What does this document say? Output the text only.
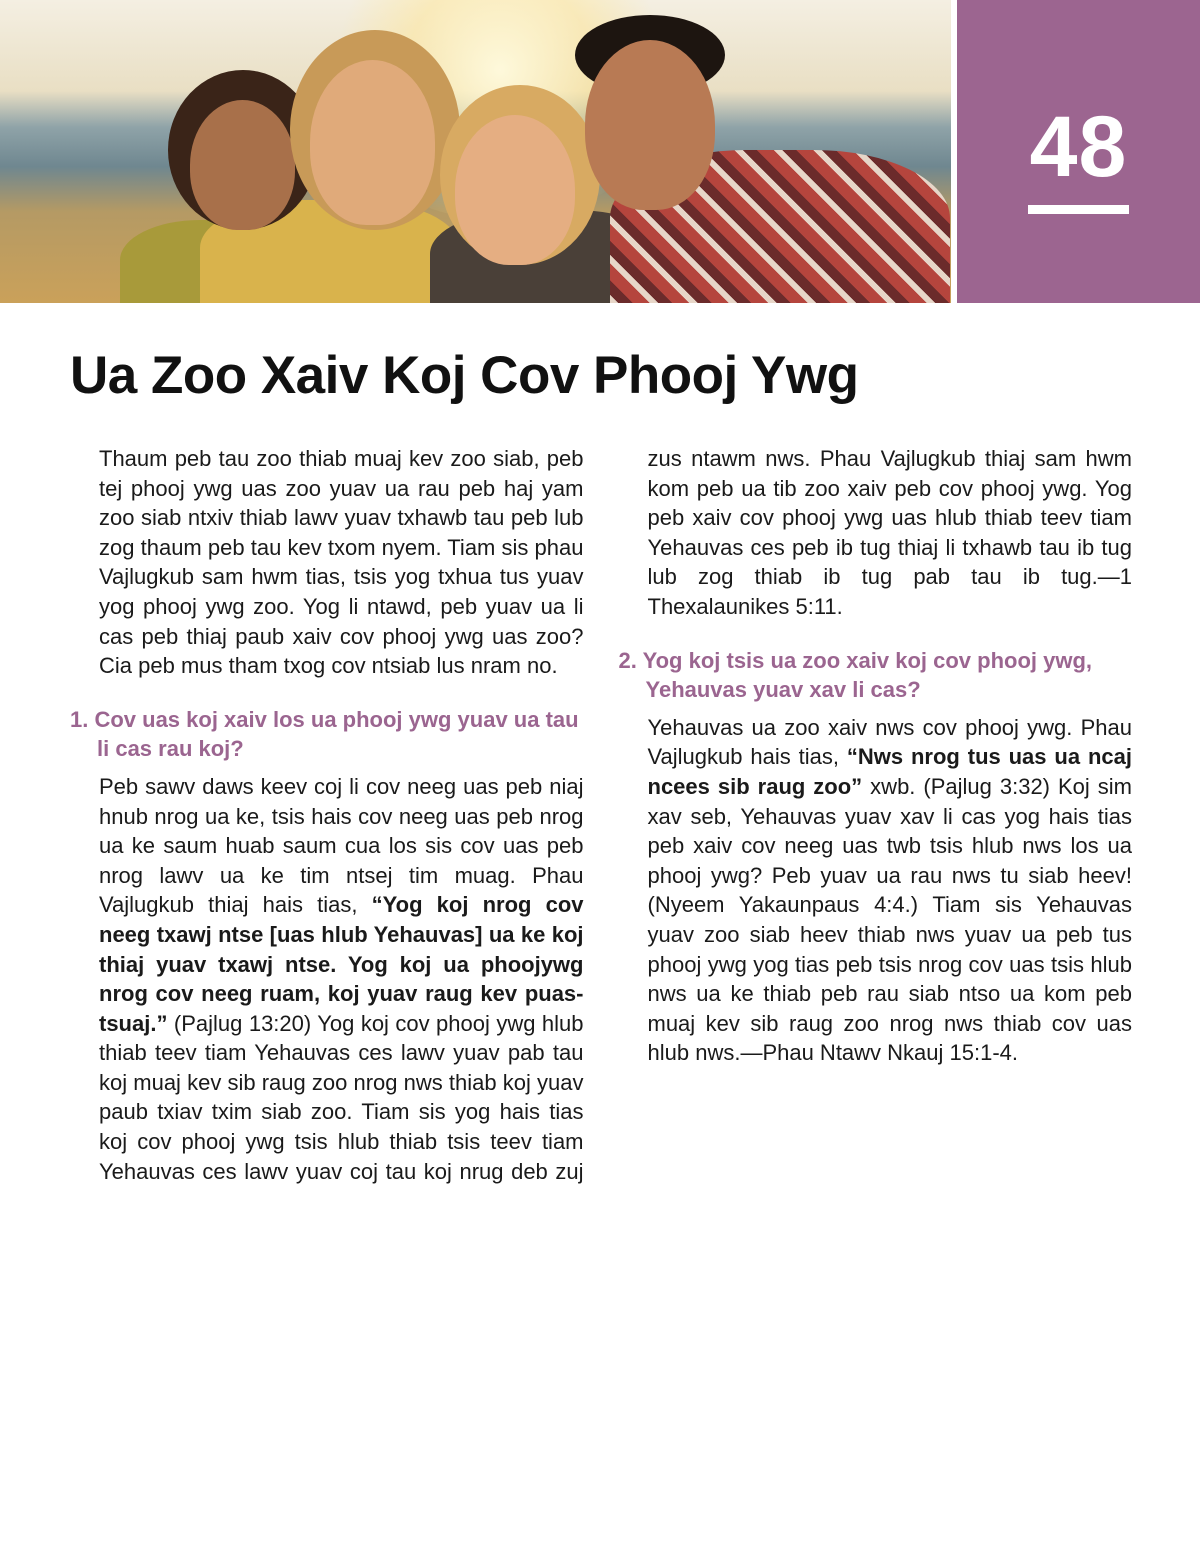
48
Ua Zoo Xaiv Koj Cov Phooj Ywg

Thaum peb tau zoo thiab muaj kev zoo siab, peb tej phooj ywg uas zoo yuav ua rau peb haj yam zoo siab ntxiv thiab lawv yuav txhawb tau peb lub zog thaum peb tau kev txom nyem. Tiam sis phau Vajlugkub sam hwm tias, tsis yog txhua tus yuav yog phooj ywg zoo. Yog li ntawd, peb yuav ua li cas peb thiaj paub xaiv cov phooj ywg uas zoo? Cia peb mus tham txog cov ntsiab lus nram no.

1. Cov uas koj xaiv los ua phooj ywg yuav ua tau li cas rau koj?

Peb sawv daws keev coj li cov neeg uas peb niaj hnub nrog ua ke, tsis hais cov neeg uas peb nrog ua ke saum huab saum cua los sis cov uas peb nrog lawv ua ke tim ntsej tim muag. Phau Vajlugkub thiaj hais tias, “Yog koj nrog cov neeg txawj ntse [uas hlub Yehauvas] ua ke koj thiaj yuav txawj ntse. Yog koj ua phoojywg nrog cov neeg ruam, koj yuav raug kev puas-tsuaj.” (Pajlug 13:20) Yog koj cov phooj ywg hlub thiab teev tiam Yehauvas ces lawv yuav pab tau koj muaj kev sib raug zoo nrog nws thiab koj yuav paub txiav txim siab zoo. Tiam sis yog hais tias koj cov phooj ywg tsis hlub thiab tsis teev tiam Yehauvas ces lawv yuav coj tau koj nrug deb zuj zus ntawm nws. Phau Vajlugkub thiaj sam hwm kom peb ua tib zoo xaiv peb cov phooj ywg. Yog peb xaiv cov phooj ywg uas hlub thiab teev tiam Yehauvas ces peb ib tug thiaj li txhawb tau ib tug lub zog thiab ib tug pab tau ib tug.—1 Thexalaunikes 5:11.

2. Yog koj tsis ua zoo xaiv koj cov phooj ywg, Yehauvas yuav xav li cas?

Yehauvas ua zoo xaiv nws cov phooj ywg. Phau Vajlugkub hais tias, “Nws nrog tus uas ua ncaj ncees sib raug zoo” xwb. (Pajlug 3:32) Koj sim xav seb, Yehauvas yuav xav li cas yog hais tias peb xaiv cov neeg uas twb tsis hlub nws los ua phooj ywg? Peb yuav ua rau nws tu siab heev! (Nyeem Yakaunpaus 4:4.) Tiam sis Yehauvas yuav zoo siab heev thiab nws yuav ua peb tus phooj ywg yog tias peb tsis nrog cov uas tsis hlub nws ua ke thiab peb rau siab ntso ua kom peb muaj kev sib raug zoo nrog nws thiab cov uas hlub nws.—Phau Ntawv Nkauj 15:1-4.
